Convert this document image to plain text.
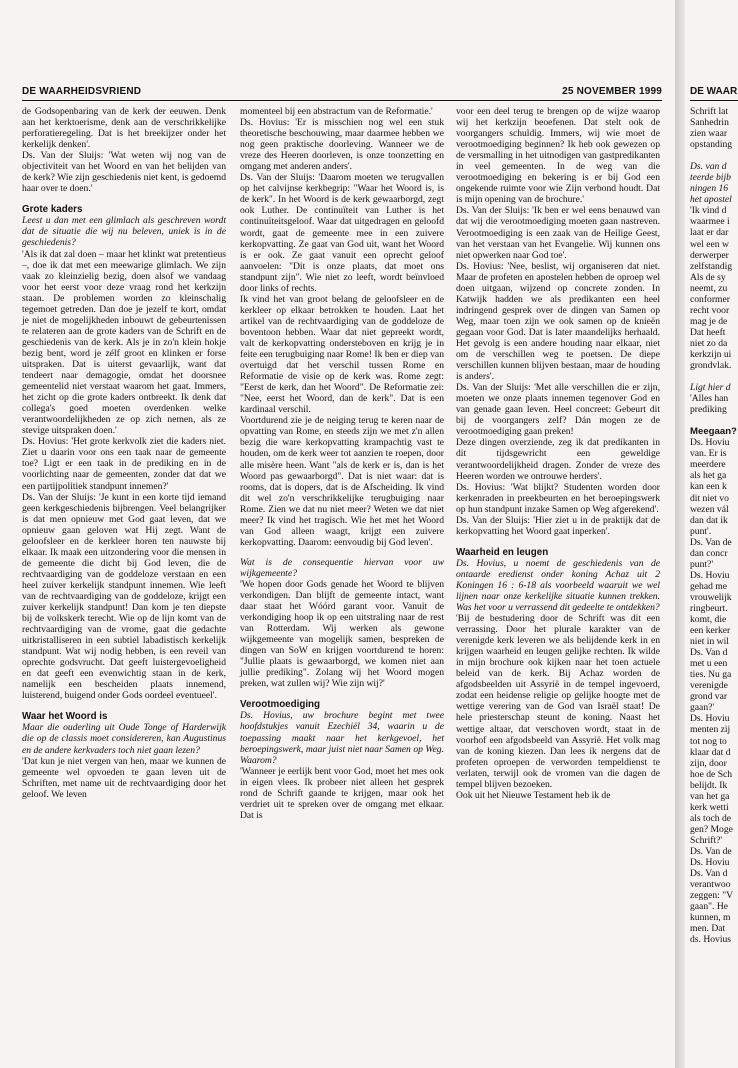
DE WAARHEIDSVRIEND	25 NOVEMBER 1999

de Godsopenbaring van de kerk der eeuwen. Denk aan het kerktoerisme, denk aan de verschrikkelijke perforatieregeling. Dat is het breekijzer onder het kerkelijk denken'.

Ds. Van der Sluijs: 'Wat weten wij nog van de objectiviteit van het Woord en van het belijden van de kerk? Wie zijn geschiedenis niet kent, is gedoemd haar over te doen.'

Grote kaders

Leest u dan met een glimlach als geschreven wordt dat de situatie die wij nu beleven, uniek is in de geschiedenis?

'Als ik dat zal doen – maar het klinkt wat pretentieus –, doe ik dat met een meewarige glimlach. We zijn vaak zo kleinzielig bezig, doen alsof we vandaag voor het eerst voor deze vraag rond het kerkzijn staan. De problemen worden zo kleinschalig tegemoet getreden. Dan doe je jezelf te kort, omdat je niet de mogelijkheden inbouwt de gebeurtenissen te relateren aan de grote kaders van de Schrift en de geschiedenis van de kerk. Als je in zo'n klein hokje bezig bent, word je zélf groot en klinken er forse uitspraken. Dat is uiterst gevaarlijk, want dat tendeert naar demagogie, omdat het doorsnee gemeentelid niet verstaat waarom het gaat. Immers, het zicht op die grote kaders ontbreekt. Ik denk dat collega's goed moeten overdenken welke verantwoordelijkheden ze op zich nemen, als ze stevige uitspraken doen.'

Ds. Hovius: 'Het grote kerkvolk ziet die kaders niet. Ziet u daarin voor ons een taak naar de gemeente toe? Ligt er een taak in de prediking en in de voorlichting naar de gemeenten, zonder dat dat we een partijpolitiek standpunt innemen?'

Ds. Van der Sluijs: 'Je kunt in een korte tijd iemand geen kerkgeschiedenis bijbrengen. Veel belangrijker is dat men opnieuw met God gaat leven, dat we opnieuw gaan geloven wat Hij zegt. Want de geloofsleer en de kerkleer horen ten nauwste bij elkaar. Ik maak een uitzondering voor die mensen in de gemeente die dicht bij God leven, die de rechtvaardiging van de goddeloze verstaan en een heel zuiver kerkelijk standpunt innemen. Wie leeft van de rechtvaardiging van de goddeloze, krijgt een zuiver kerkelijk standpunt! Dan kom je ten diepste bij de volkskerk terecht. Wie op de lijn komt van de rechtvaardiging van de vrome, gaat die gedachte uitkristalliseren in een subtiel labadistisch kerkelijk standpunt. Wat wij nodig hebben, is een reveil van oprechte godsvrucht. Dat geeft luistergevoeligheid en dat geeft een evenwichtig staan in de kerk, namelijk een bescheiden plaats innemend, luisterend, buigend onder Gods oordeel eventueel'.

Waar het Woord is

Maar die ouderling uit Oude Tonge of Harderwijk die op de classis moet considereren, kan Augustinus en de andere kerkvaders toch niet gaan lezen?

'Dat kun je niet vergen van hen, maar we kunnen de gemeente wel opvoeden te gaan leven uit de Schriften, met name uit de rechtvaardiging door het geloof. We leven

momenteel bij een abstractum van de Reformatie.'

Ds. Hovius: 'Er is misschien nog wel een stuk theoretische beschouwing, maar daarmee hebben we nog geen praktische doorleving. Wanneer we de vreze des Heeren doorleven, is onze toonzetting en omgang met anderen anders'.

Ds. Van der Sluijs: 'Daarom moeten we terugvallen op het calvijnse kerkbegrip: "Waar het Woord is, is de kerk". In het Woord is de kerk gewaarborgd, zegt ook Luther. De continuïteit van Luther is het continuïteitsgeloof. Waar dat uitgedragen en geloofd wordt, gaat de gemeente mee in een zuivere kerkopvatting. Ze gaat van God uit, want het Woord is er ook. Ze gaat vanuit een oprecht geloof aanvoelen: "Dit is onze plaats, dat moet ons standpunt zijn". Wie niet zo leeft, wordt beïnvloed door links of rechts.

Ik vind het van groot belang de geloofsleer en de kerkleer op elkaar betrokken te houden. Laat het artikel van de rechtvaardiging van de goddeloze de boventoon hebben. Waar dat niet gepreekt wordt, valt de kerkopvatting ondersteboven en krijg je in feite een terugbuiging naar Rome! Ik ben er diep van overtuigd dat het verschil tussen Rome en Reformatie de visie op de kerk was. Rome zegt: "Eerst de kerk, dan het Woord". De Reformatie zei: "Nee, eerst het Woord, dan de kerk". Dat is een kardinaal verschil.

Voortdurend zie je de neiging terug te keren naar de opvatting van Rome, en steeds zijn we met z'n allen bezig die ware kerkopvatting krampachtig vast te houden, om de kerk weer tot aanzien te roepen, door alle misère heen. Want "als de kerk er is, dan is het Woord pas gewaarborgd". Dat is niet waar: dat is rooms, dat is dopers, dat is de Afscheiding. Ik vind dit wel zo'n verschrikkelijke terugbuiging naar Rome. Zien we dat nu niet meer? Weten we dat niet meer? Ik vind het tragisch. Wie het met het Woord van God alleen waagt, krijgt een zuivere kerkopvatting. Daarom: eenvoudig bij God leven'.

Wat is de consequentie hiervan voor uw wijkgemeente?

'We hopen door Gods genade het Woord te blijven verkondigen. Dan blijft de gemeente intact, want daar staat het Wóórd garant voor. Vanuit de verkondiging hoop ik op een uitstraling naar de rest van Rotterdam. Wij werken als gewone wijkgemeente van mogelijk samen, bespreken de dingen van SoW en krijgen voortdurend te horen: "Jullie plaats is gewaarborgd, we komen niet aan jullie prediking". Zolang wij het Woord mogen preken, wat zullen wij? Wie zijn wij?'

Verootmoediging

Ds. Hovius, uw brochure begint met twee hoofdstukjes vanuit Ezechiël 34, waarin u de toepassing maakt naar het kerkgevoel, het beroepingswerk, maar juist niet naar Samen op Weg. Waarom?

'Wanneer je eerlijk bent voor God, moet het mes ook in eigen vlees. Ik probeer niet alleen het gesprek rond de Schrift gaande te krijgen, maar ook het verdriet uit te spreken over de omgang met elkaar. Dat is

voor een deel terug te brengen op de wijze waarop wij het kerkzijn beoefenen. Dat stelt ook de voorgangers schuldig. Immers, wij wie moet de verootmoediging beginnen? Ik heb ook gewezen op de versmalling in het uitnodigen van gastpredikanten in veel gemeenten. In de weg van die verootmoediging en bekering is er bij God een ongekende ruimte voor wie Zijn verbond houdt. Dat is mijn opening van de brochure.'

Ds. Van der Sluijs: 'Ik ben er wel eens benauwd van dat wij die verootmoediging moeten gaan nastreven. Verootmoediging is een zaak van de Heilige Geest, van het verstaan van het Evangelie. Wij kunnen ons niet opwerken naar God toe'.

Ds. Hovius: 'Nee, beslist, wij organiseren dat niet. Maar de profeten en apostelen hebben de oproep wel doen uitgaan, wijzend op concrete zonden. In Katwijk hadden we als predikanten een heel indringend gesprek over de dingen van Samen op Weg, maar toen zijn we ook samen op de knieën gegaan voor God. Dat is later maandelijks herhaald. Het gevolg is een andere houding naar elkaar, niet om de verschillen weg te poetsen. De diepe verschillen kunnen blijven bestaan, maar de houding is anders'.

Ds. Van der Sluijs: 'Met alle verschillen die er zijn, moeten we onze plaats innemen tegenover God en van genade gaan leven. Heel concreet: Gebeurt dit bij de voorgangers zelf? Dán mogen ze de verootmoediging gaan preken!

Deze dingen overziende, zeg ik dat predikanten in dit tijdsgewricht een geweldige verantwoordelijkheid dragen. Zonder de vreze des Heeren worden we ontrouwe herders'.

Ds. Hovius: 'Wat blijkt? Studenten worden door kerkenraden in preekbeurten en het beroepingswerk op hun standpunt inzake Samen op Weg afgerekend'.

Ds. Van der Sluijs: 'Hier ziet u in de praktijk dat de kerkopvatting het Woord gaat inperken'.

Waarheid en leugen

Ds. Hovius, u noemt de geschiedenis van de ontaarde eredienst onder koning Achaz uit 2 Koningen 16 : 6-18 als voorbeeld waaruit we wel lijnen naar onze kerkelijke situatie kunnen trekken. Was het voor u verrassend dit gedeelte te ontdekken?

'Bij de bestudering door de Schrift was dit een verrassing. Door het plurale karakter van de verenigde kerk leveren we als belijdende kerk in en krijgen waarheid en leugen gelijke rechten. Ik wilde in mijn brochure ook kijken naar het toen actuele beleid van de kerk. Bij Achaz worden de afgodsbeelden uit Assyrië in de tempel ingevoerd, zodat een heidense religie op gelijke hoogte met de wettige verering van de God van Israël staat! De hele priesterschap steunt de koning. Naast het wettige altaar, dat verschoven wordt, staat in de voorhof een afgodsbeeld van Assyrië. Het volk mag van de koning kiezen. Dan lees ik nergens dat de profeten oproepen de verworden tempeldienst te verlaten, terwijl ook de vromen van die dagen de tempel blijven bezoeken.

Ook uit het Nieuwe Testament heb ik de

DE WAAR
Schrift lat
Sanhedrin
zien waar
opstanding
Ds. van d
teerde bijb
ningen 16
het apostel
'Ik vind d
waarmee i
laat er dar
wel een w
derwerper
zelfstandig
Als de sy
neemt, zu
conformer
recht voor
mag je de
Dat heeft
niet zo da
kerkzijn ui
grondvlak.
Ligt hier d
'Alles han
prediking
Meegaan?
Ds. Hoviu
van. Er is
meerdere
als het ga
kan een k
dit niet vo
wezen vál
dan dat ik
punt'.
Ds. Van de
dan concr
punt?'
Ds. Hoviu
gehad me
vrouwelijk
ringbeurt.
komt, die
een kerker
niet in wil
Ds. Van d
met u een
ties. Nu ga
verenigde
grond var
gaan?'
Ds. Hoviu
menten zij
tot nog to
klaar dat d
zijn, door
hoe de Sch
belijdt. Ik
van het ga
kerk wetti
als toch de
gen? Moge
Schrift?'
Ds. Van de
Ds. Hoviu
Ds. Van d
verantwoo
zeggen: "V
gaan". He
kunnen, m
men. Dat
ds. Hovius
